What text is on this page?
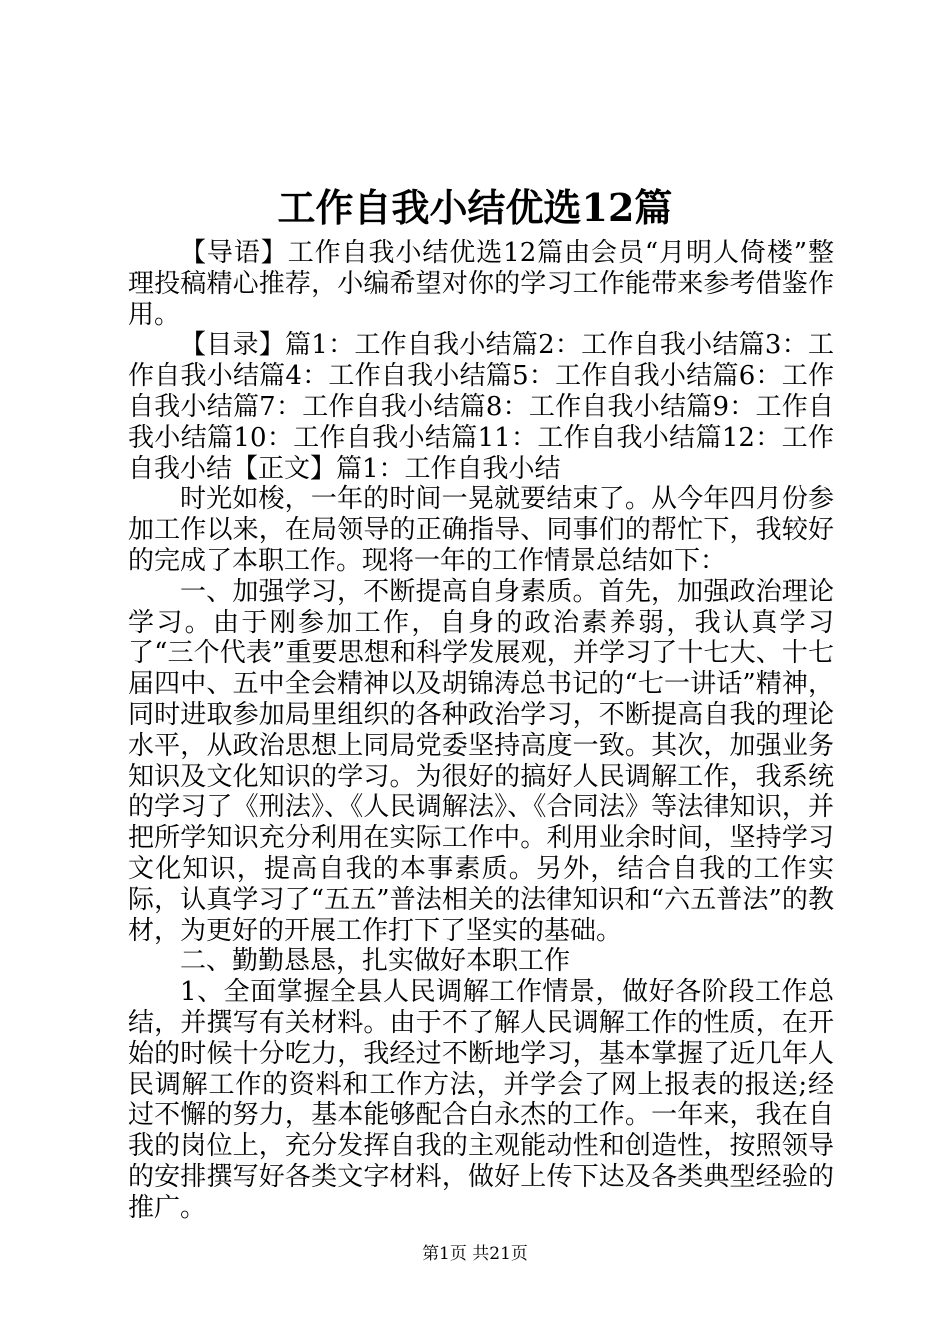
工作自我小结优选12篇

【导语】工作自我小结优选12篇由会员“月明人倚楼”整理投稿精心推荐，小编希望对你的学习工作能带来参考借鉴作用。

【目录】篇1：工作自我小结篇2：工作自我小结篇3：工作自我小结篇4：工作自我小结篇5：工作自我小结篇6：工作自我小结篇7：工作自我小结篇8：工作自我小结篇9：工作自我小结篇10：工作自我小结篇11：工作自我小结篇12：工作自我小结【正文】篇1：工作自我小结

时光如梭，一年的时间一晃就要结束了。从今年四月份参加工作以来，在局领导的正确指导、同事们的帮忙下，我较好的完成了本职工作。现将一年的工作情景总结如下：

一、加强学习，不断提高自身素质。首先，加强政治理论学习。由于刚参加工作，自身的政治素养弱，我认真学习了“三个代表”重要思想和科学发展观，并学习了十七大、十七届四中、五中全会精神以及胡锦涛总书记的“七一讲话”精神，同时进取参加局里组织的各种政治学习，不断提高自我的理论水平，从政治思想上同局党委坚持高度一致。其次，加强业务知识及文化知识的学习。为很好的搞好人民调解工作，我系统的学习了《刑法》、《人民调解法》、《合同法》等法律知识，并把所学知识充分利用在实际工作中。利用业余时间，坚持学习文化知识，提高自我的本事素质。另外，结合自我的工作实际，认真学习了“五五”普法相关的法律知识和“六五普法”的教材，为更好的开展工作打下了坚实的基础。

二、勤勤恳恳，扎实做好本职工作

1、全面掌握全县人民调解工作情景，做好各阶段工作总结，并撰写有关材料。由于不了解人民调解工作的性质，在开始的时候十分吃力，我经过不断地学习，基本掌握了近几年人民调解工作的资料和工作方法，并学会了网上报表的报送;经过不懈的努力，基本能够配合白永杰的工作。一年来，我在自我的岗位上，充分发挥自我的主观能动性和创造性，按照领导的安排撰写好各类文字材料，做好上传下达及各类典型经验的推广。

第1页 共21页
